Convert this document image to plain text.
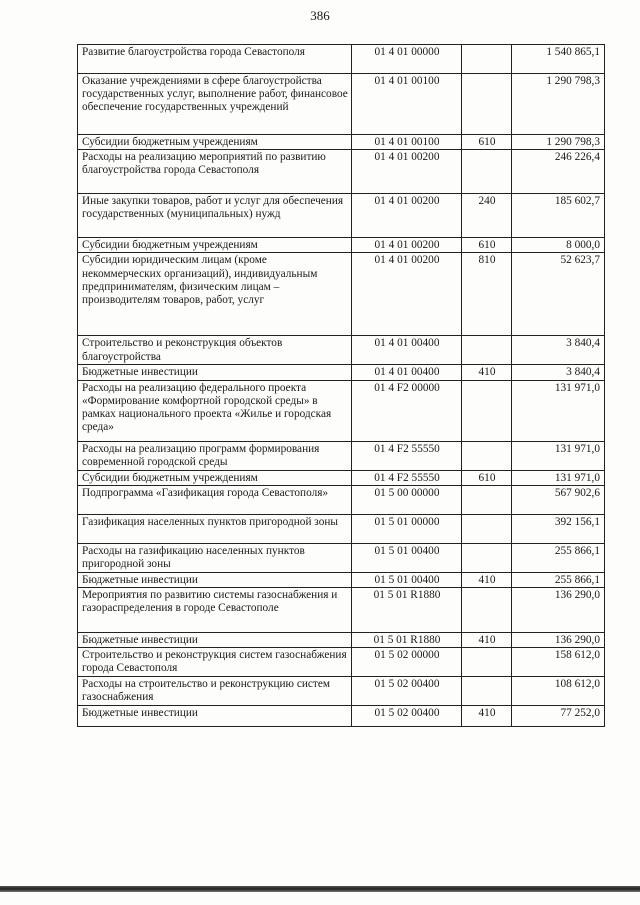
386
Развитие благоустройства города Севастополя	01 4 01 00000		1 540 865,1
Оказание учреждениями в сфере благоустройства государственных услуг, выполнение работ, финансовое обеспечение государственных учреждений	01 4 01 00100		1 290 798,3
Субсидии бюджетным учреждениям	01 4 01 00100	610	1 290 798,3
Расходы на реализацию мероприятий по развитию благоустройства города Севастополя	01 4 01 00200		246 226,4
Иные закупки товаров, работ и услуг для обеспечения государственных (муниципальных) нужд	01 4 01 00200	240	185 602,7
Субсидии бюджетным учреждениям	01 4 01 00200	610	8 000,0
Субсидии юридическим лицам (кроме некоммерческих организаций), индивидуальным предпринимателям, физическим лицам – производителям товаров, работ, услуг	01 4 01 00200	810	52 623,7
Строительство и реконструкция объектов благоустройства	01 4 01 00400		3 840,4
Бюджетные инвестиции	01 4 01 00400	410	3 840,4
Расходы на реализацию федерального проекта «Формирование комфортной городской среды» в рамках национального проекта «Жилье и городская среда»	01 4 F2 00000		131 971,0
Расходы на реализацию программ формирования современной городской среды	01 4 F2 55550		131 971,0
Субсидии бюджетным учреждениям	01 4 F2 55550	610	131 971,0
Подпрограмма «Газификация города Севастополя»	01 5 00 00000		567 902,6
Газификация населенных пунктов пригородной зоны	01 5 01 00000		392 156,1
Расходы на газификацию населенных пунктов пригородной зоны	01 5 01 00400		255 866,1
Бюджетные инвестиции	01 5 01 00400	410	255 866,1
Мероприятия по развитию системы газоснабжения и газораспределения в городе Севастополе	01 5 01 R1880		136 290,0
Бюджетные инвестиции	01 5 01 R1880	410	136 290,0
Строительство и реконструкция систем газоснабжения города Севастополя	01 5 02 00000		158 612,0
Расходы на строительство и реконструкцию систем газоснабжения	01 5 02 00400		108 612,0
Бюджетные инвестиции	01 5 02 00400	410	77 252,0
